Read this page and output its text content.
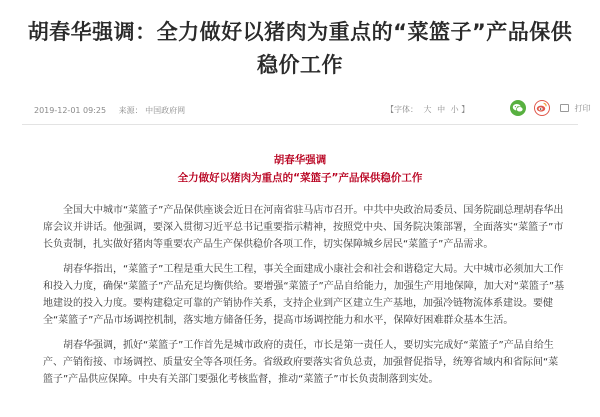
胡春华强调：全力做好以猪肉为重点的“菜篮子”产品保供稳价工作
2019-12-01 09:25 来源： 中国政府网	【字体： 大 中 小 】	打印
胡春华强调
全力做好以猪肉为重点的“菜篮子”产品保供稳价工作

全国大中城市“菜篮子”产品保供座谈会近日在河南省驻马店市召开。中共中央政治局委员、国务院副总理胡春华出席会议并讲话。他强调，要深入贯彻习近平总书记重要指示精神，按照党中央、国务院决策部署，全面落实“菜篮子”市长负责制，扎实做好猪肉等重要农产品生产保供稳价各项工作，切实保障城乡居民“菜篮子”产品需求。

胡春华指出，“菜篮子”工程是重大民生工程，事关全面建成小康社会和社会和谐稳定大局。大中城市必须加大工作和投入力度，确保“菜篮子”产品充足均衡供给。要增强“菜篮子”产品自给能力，加强生产用地保障，加大对“菜篮子”基地建设的投入力度。要构建稳定可靠的产销协作关系，支持企业到产区建立生产基地，加强冷链物流体系建设。要健全“菜篮子”产品市场调控机制，落实地方储备任务，提高市场调控能力和水平，保障好困难群众基本生活。

胡春华强调，抓好“菜篮子”工作首先是城市政府的责任，市长是第一责任人，要切实完成好“菜篮子”产品自给生产、产销衔接、市场调控、质量安全等各项任务。省级政府要落实省负总责，加强督促指导，统筹省域内和省际间“菜篮子”产品供应保障。中央有关部门要强化考核监督，推动“菜篮子”市长负责制落到实处。
